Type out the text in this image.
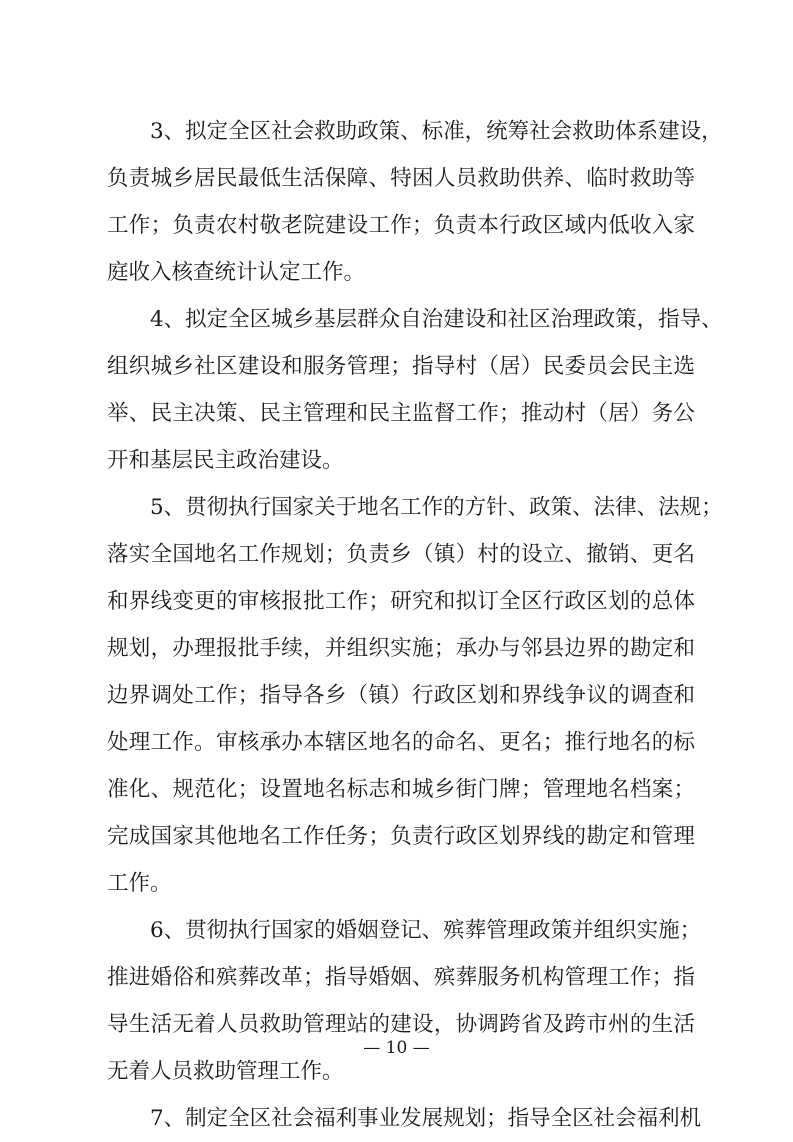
3、拟定全区社会救助政策、标准，统筹社会救助体系建设，
负责城乡居民最低生活保障、特困人员救助供养、临时救助等
工作；负责农村敬老院建设工作；负责本行政区域内低收入家
庭收入核查统计认定工作。
4、拟定全区城乡基层群众自治建设和社区治理政策，指导、
组织城乡社区建设和服务管理；指导村（居）民委员会民主选
举、民主决策、民主管理和民主监督工作；推动村（居）务公
开和基层民主政治建设。
5、贯彻执行国家关于地名工作的方针、政策、法律、法规；
落实全国地名工作规划；负责乡（镇）村的设立、撤销、更名
和界线变更的审核报批工作；研究和拟订全区行政区划的总体
规划，办理报批手续，并组织实施；承办与邻县边界的勘定和
边界调处工作；指导各乡（镇）行政区划和界线争议的调查和
处理工作。审核承办本辖区地名的命名、更名；推行地名的标
准化、规范化；设置地名标志和城乡街门牌；管理地名档案；
完成国家其他地名工作任务；负责行政区划界线的勘定和管理
工作。
6、贯彻执行国家的婚姻登记、殡葬管理政策并组织实施；
推进婚俗和殡葬改革；指导婚姻、殡葬服务机构管理工作；指
导生活无着人员救助管理站的建设，协调跨省及跨市州的生活
无着人员救助管理工作。
7、制定全区社会福利事业发展规划；指导全区社会福利机
— 10 —
